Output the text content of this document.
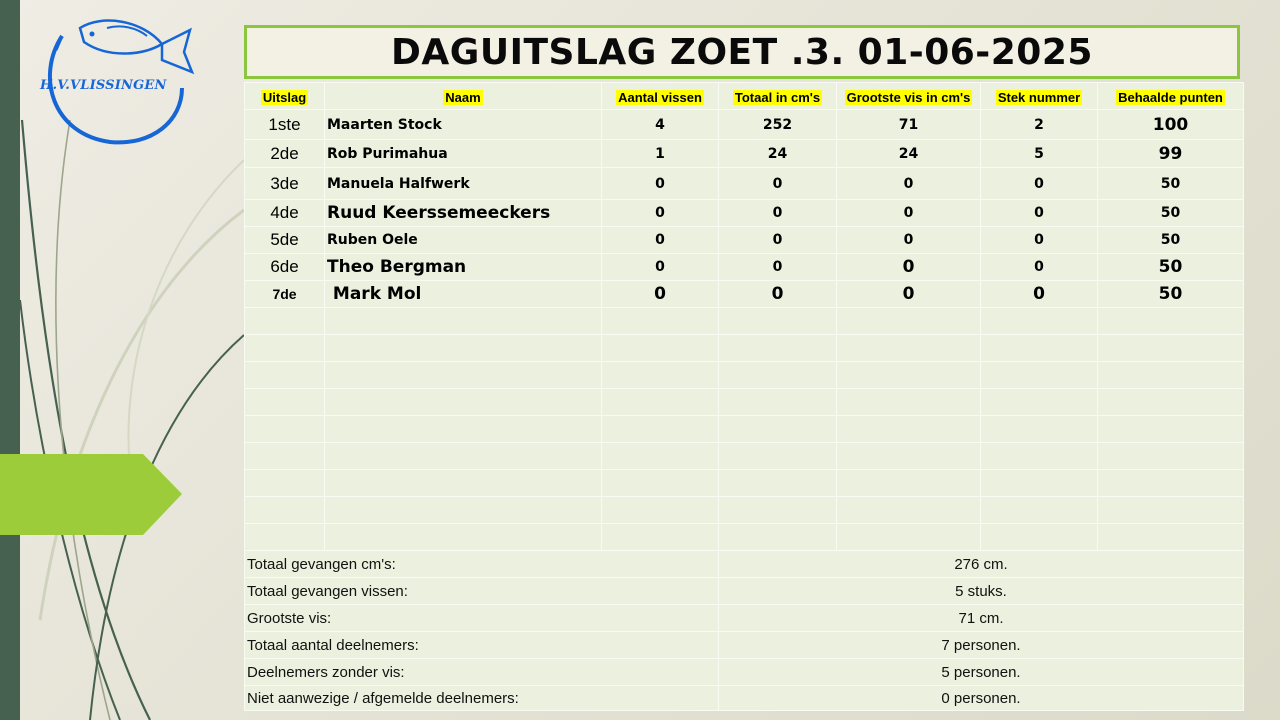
H.V.VLISSINGEN
DAGUITSLAG ZOET .3. 01-06-2025
Uitslag	Naam	Aantal vissen	Totaal in cm's	Grootste vis in cm's	Stek nummer	Behaalde punten
1ste	Maarten Stock	4	252	71	2	100
2de	Rob Purimahua	1	24	24	5	99
3de	Manuela Halfwerk	0	0	0	0	50
4de	Ruud Keerssemeeckers	0	0	0	0	50
5de	Ruben Oele	0	0	0	0	50
6de	Theo Bergman	0	0	0	0	50
7de	Mark Mol	0	0	0	0	50

Totaal gevangen cm's:	276 cm.
Totaal gevangen vissen:	5 stuks.
Grootste vis:	71 cm.
Totaal aantal deelnemers:	7 personen.
Deelnemers zonder vis:	5 personen.
Niet aanwezige / afgemelde deelnemers:	0 personen.
